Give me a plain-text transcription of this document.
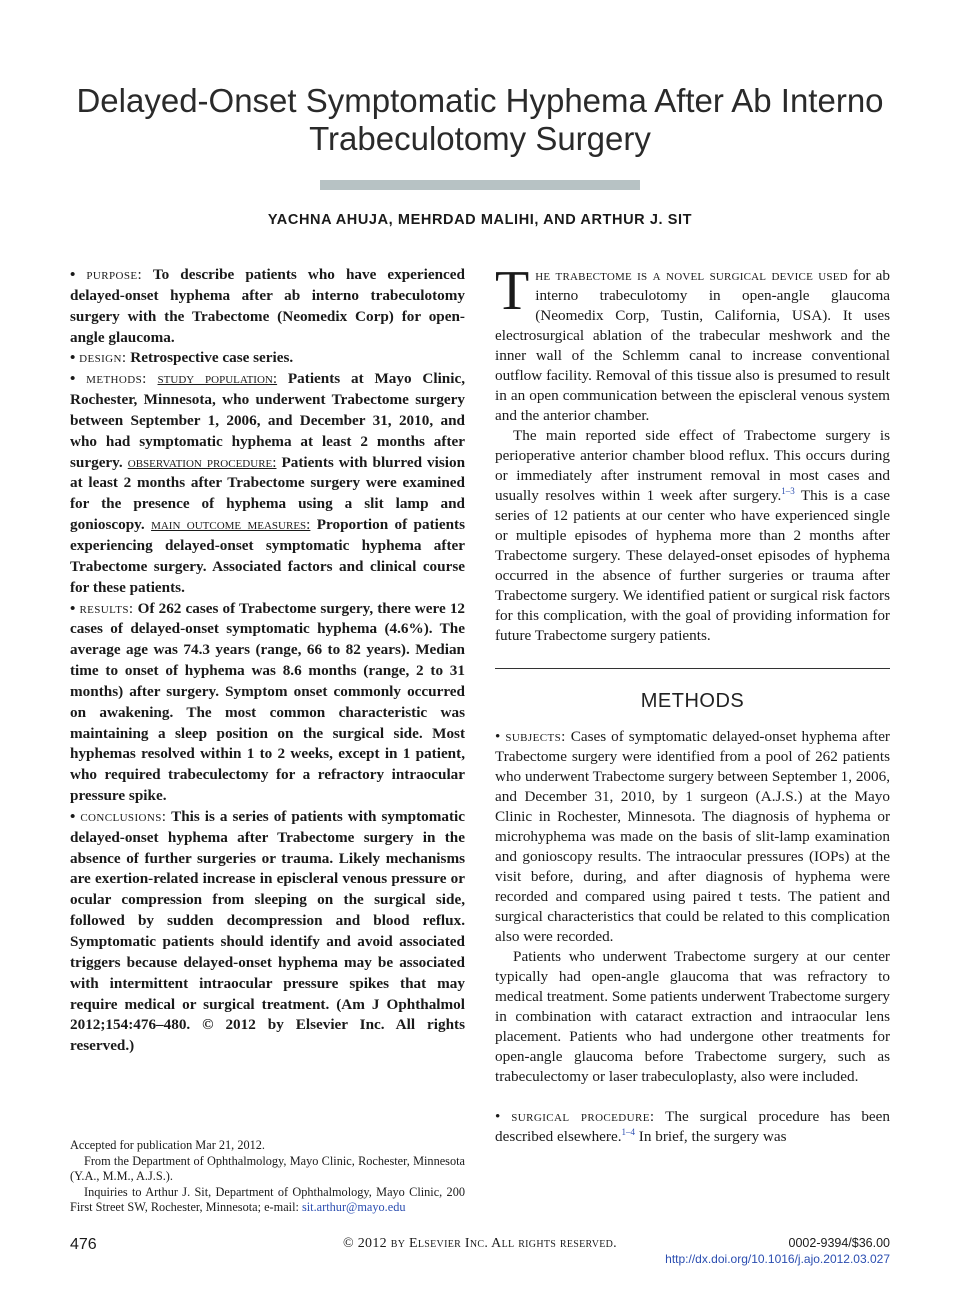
Delayed-Onset Symptomatic Hyphema After Ab Interno
Trabeculotomy Surgery
YACHNA AHUJA, MEHRDAD MALIHI, AND ARTHUR J. SIT

• purpose: To describe patients who have experienced delayed-onset hyphema after ab interno trabeculotomy surgery with the Trabectome (Neomedix Corp) for open-angle glaucoma.

• design: Retrospective case series.

• methods: study population: Patients at Mayo Clinic, Rochester, Minnesota, who underwent Trabectome surgery between September 1, 2006, and December 31, 2010, and who had symptomatic hyphema at least 2 months after surgery. observation procedure: Patients with blurred vision at least 2 months after Trabectome surgery were examined for the presence of hyphema using a slit lamp and gonioscopy. main outcome measures: Proportion of patients experiencing delayed-onset symptomatic hyphema after Trabectome surgery. Associated factors and clinical course for these patients.

• results: Of 262 cases of Trabectome surgery, there were 12 cases of delayed-onset symptomatic hyphema (4.6%). The average age was 74.3 years (range, 66 to 82 years). Median time to onset of hyphema was 8.6 months (range, 2 to 31 months) after surgery. Symptom onset commonly occurred on awakening. The most common characteristic was maintaining a sleep position on the surgical side. Most hyphemas resolved within 1 to 2 weeks, except in 1 patient, who required trabeculectomy for a refractory intraocular pressure spike.

• conclusions: This is a series of patients with symptomatic delayed-onset hyphema after Trabectome surgery in the absence of further surgeries or trauma. Likely mechanisms are exertion-related increase in episcleral venous pressure or ocular compression from sleeping on the surgical side, followed by sudden decompression and blood reflux. Symptomatic patients should identify and avoid associated triggers because delayed-onset hyphema may be associated with intermittent intraocular pressure spikes that may require medical or surgical treatment. (Am J Ophthalmol 2012;154:476–480. © 2012 by Elsevier Inc. All rights reserved.)

The trabectome is a novel surgical device used for ab interno trabeculotomy in open-angle glaucoma (Neomedix Corp, Tustin, California, USA). It uses electrosurgical ablation of the trabecular meshwork and the inner wall of the Schlemm canal to increase conventional outflow facility. Removal of this tissue also is presumed to result in an open communication between the episcleral venous system and the anterior chamber.

The main reported side effect of Trabectome surgery is perioperative anterior chamber blood reflux. This occurs during or immediately after instrument removal in most cases and usually resolves within 1 week after surgery.$^{1-3}$ This is a case series of 12 patients at our center who have experienced single or multiple episodes of hyphema more than 2 months after Trabectome surgery. These delayed-onset episodes of hyphema occurred in the absence of further surgeries or trauma after Trabectome surgery. We identified patient or surgical risk factors for this complication, with the goal of providing information for future Trabectome surgery patients.

METHODS

• subjects: Cases of symptomatic delayed-onset hyphema after Trabectome surgery were identified from a pool of 262 patients who underwent Trabectome surgery between September 1, 2006, and December 31, 2010, by 1 surgeon (A.J.S.) at the Mayo Clinic in Rochester, Minnesota. The diagnosis of hyphema or microhyphema was made on the basis of slit-lamp examination and gonioscopy results. The intraocular pressures (IOPs) at the visit before, during, and after diagnosis of hyphema were recorded and compared using paired t tests. The patient and surgical characteristics that could be related to this complication also were recorded.

Patients who underwent Trabectome surgery at our center typically had open-angle glaucoma that was refractory to medical treatment. Some patients underwent Trabectome surgery in combination with cataract extraction and intraocular lens placement. Patients who had undergone other treatments for open-angle glaucoma before Trabectome surgery, such as trabeculectomy or laser trabeculoplasty, also were included.

• surgical procedure: The surgical procedure has been described elsewhere.$^{1-4}$ In brief, the surgery was

Accepted for publication Mar 21, 2012.

From the Department of Ophthalmology, Mayo Clinic, Rochester, Minnesota (Y.A., M.M., A.J.S.).

Inquiries to Arthur J. Sit, Department of Ophthalmology, Mayo Clinic, 200 First Street SW, Rochester, Minnesota; e-mail: sit.arthur@mayo.edu

476	© 2012 by Elsevier Inc. All rights reserved.	0002-9394/$36.00
http://dx.doi.org/10.1016/j.ajo.2012.03.027
